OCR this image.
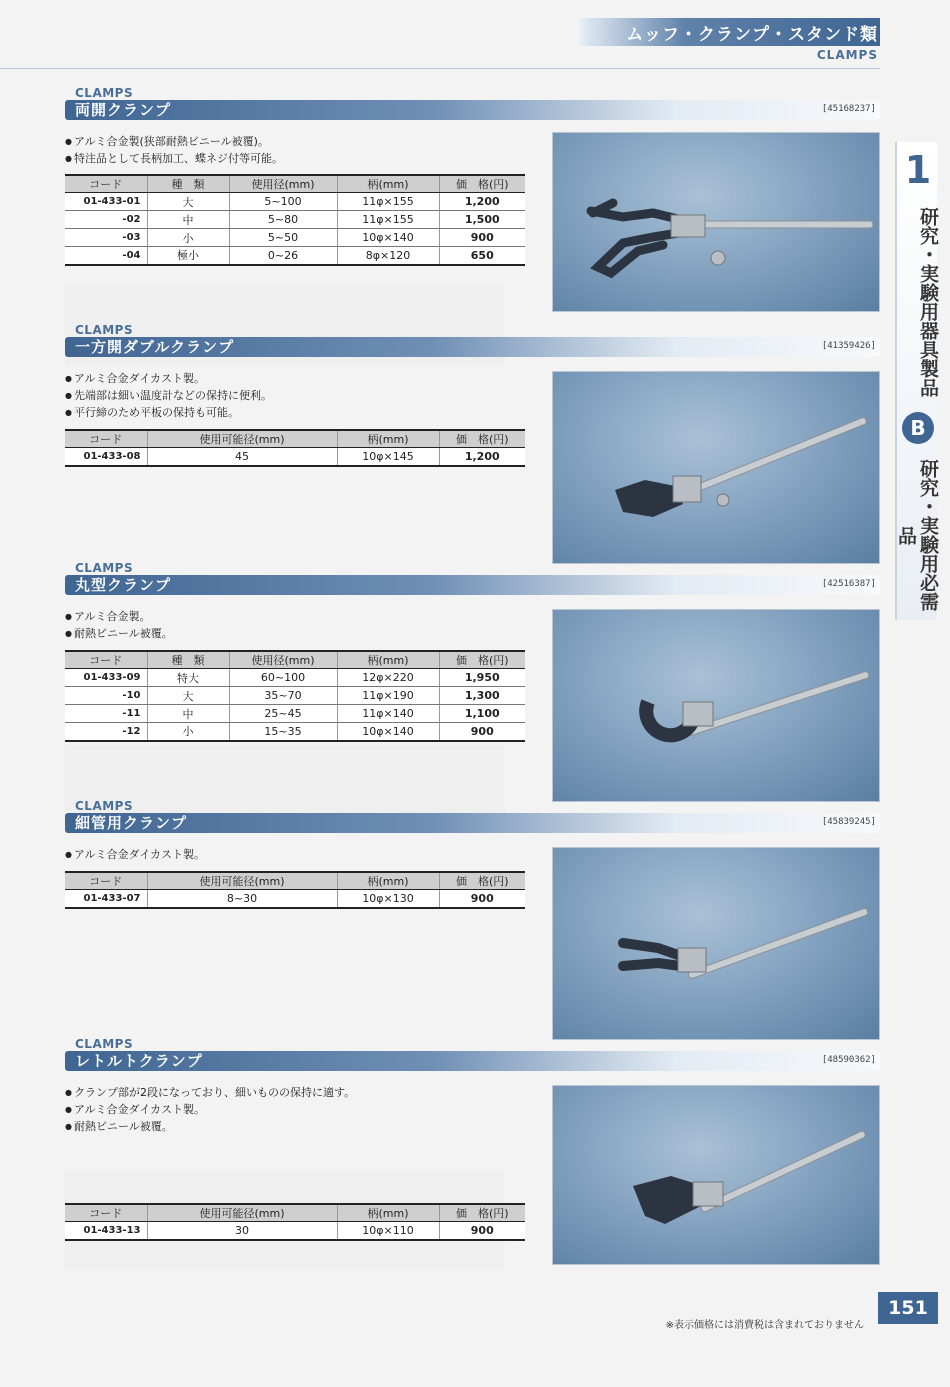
ムッフ・クランプ・スタンド類
CLAMPS
1
研究・実験用器具製品
B
研究・実験用必需品
CLAMPS
両開クランプ	[45168237]
● アルミ合金製(狭部耐熱ビニール被覆)。
● 特注品として長柄加工、蝶ネジ付等可能。
コード	種　類	使用径(mm)	柄(mm)	価　格(円)
01-433-01	大	5~100	11φ×155	1,200
-02	中	5~80	11φ×155	1,500
-03	小	5~50	10φ×140	900
-04	極小	0~26	8φ×120	650
CLAMPS
一方開ダブルクランプ	[41359426]
● アルミ合金ダイカスト製。
● 先端部は細い温度計などの保持に便利。
● 平行締のため平板の保持も可能。
コード	使用可能径(mm)	柄(mm)	価　格(円)
01-433-08	45	10φ×145	1,200
CLAMPS
丸型クランプ	[42516387]
● アルミ合金製。
● 耐熱ビニール被覆。
コード	種　類	使用径(mm)	柄(mm)	価　格(円)
01-433-09	特大	60~100	12φ×220	1,950
-10	大	35~70	11φ×190	1,300
-11	中	25~45	11φ×140	1,100
-12	小	15~35	10φ×140	900
CLAMPS
細管用クランプ	[45839245]
● アルミ合金ダイカスト製。
コード	使用可能径(mm)	柄(mm)	価　格(円)
01-433-07	8~30	10φ×130	900
CLAMPS
レトルトクランプ	[48590362]
● クランプ部が2段になっており、細いものの保持に適す。
● アルミ合金ダイカスト製。
● 耐熱ビニール被覆。
コード	使用可能径(mm)	柄(mm)	価　格(円)
01-433-13	30	10φ×110	900
151
※表示価格には消費税は含まれておりません
